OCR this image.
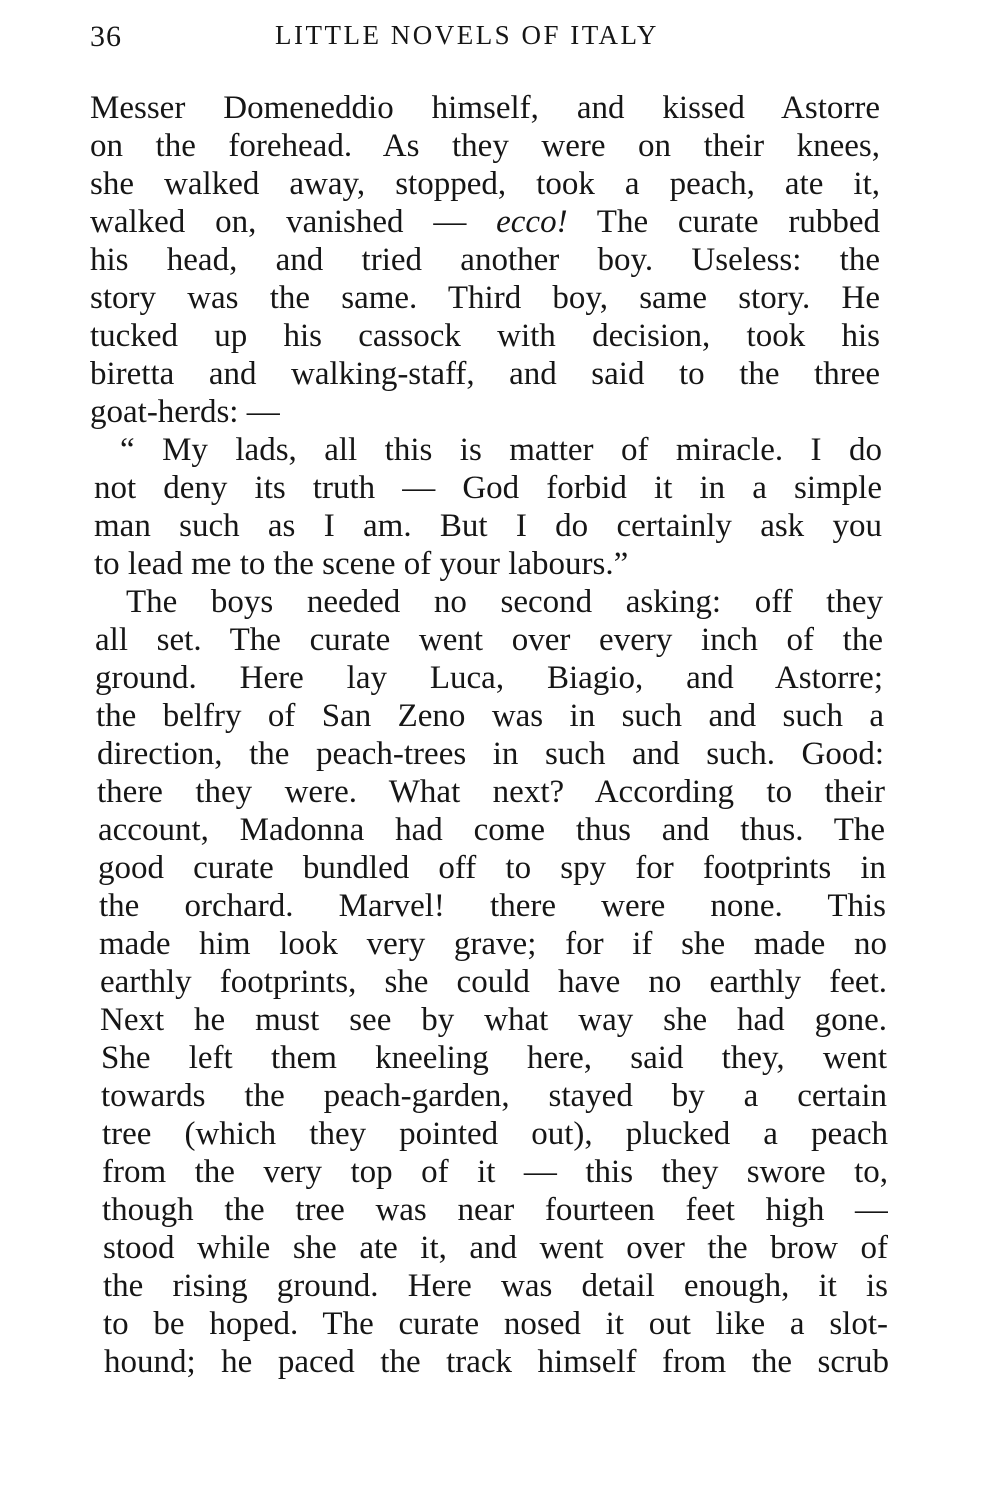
36	LITTLE NOVELS OF ITALY
Messer Domeneddio himself, and kissed Astorre
on the forehead. As they were on their knees,
she walked away, stopped, took a peach, ate it,
walked on, vanished — ecco! The curate rubbed
his head, and tried another boy. Useless: the
story was the same. Third boy, same story. He
tucked up his cassock with decision, took his
biretta and walking-staff, and said to the three
goat-herds: —
“ My lads, all this is matter of miracle. I do
not deny its truth — God forbid it in a simple
man such as I am. But I do certainly ask you
to lead me to the scene of your labours.”
The boys needed no second asking: off they
all set. The curate went over every inch of the
ground. Here lay Luca, Biagio, and Astorre;
the belfry of San Zeno was in such and such a
direction, the peach-trees in such and such. Good:
there they were. What next? According to their
account, Madonna had come thus and thus. The
good curate bundled off to spy for footprints in
the orchard. Marvel! there were none. This
made him look very grave; for if she made no
earthly footprints, she could have no earthly feet.
Next he must see by what way she had gone.
She left them kneeling here, said they, went
towards the peach-garden, stayed by a certain
tree (which they pointed out), plucked a peach
from the very top of it — this they swore to,
though the tree was near fourteen feet high —
stood while she ate it, and went over the brow of
the rising ground. Here was detail enough, it is
to be hoped. The curate nosed it out like a slot-
hound; he paced the track himself from the scrub
